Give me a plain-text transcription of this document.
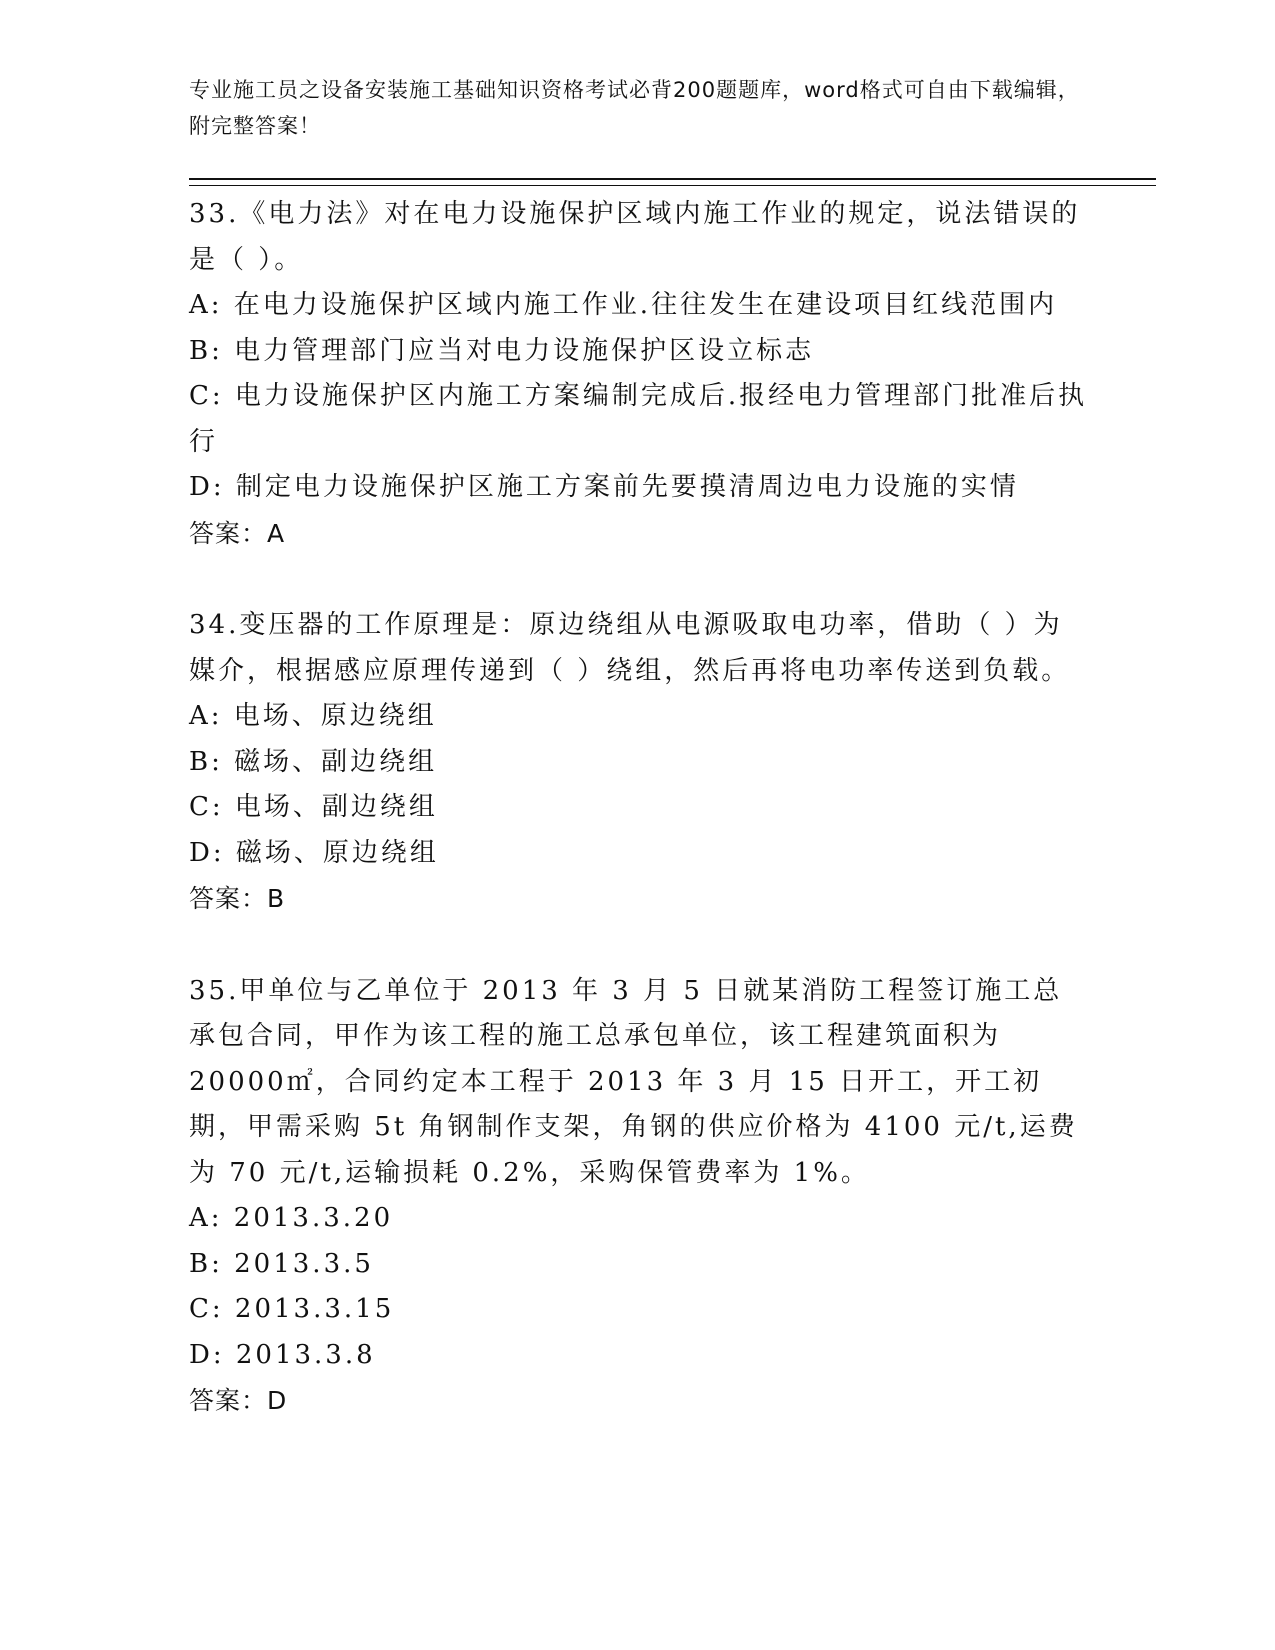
专业施工员之设备安装施工基础知识资格考试必背200题题库，word格式可自由下载编辑，附完整答案！

33.《电力法》对在电力设施保护区域内施工作业的规定，说法错误的是（ ）。

A: 在电力设施保护区域内施工作业.往往发生在建设项目红线范围内

B: 电力管理部门应当对电力设施保护区设立标志

C: 电力设施保护区内施工方案编制完成后.报经电力管理部门批准后执行

D: 制定电力设施保护区施工方案前先要摸清周边电力设施的实情

答案：A

34.变压器的工作原理是：原边绕组从电源吸取电功率，借助（ ）为媒介，根据感应原理传递到（ ）绕组，然后再将电功率传送到负载。

A: 电场、原边绕组

B: 磁场、副边绕组

C: 电场、副边绕组

D: 磁场、原边绕组

答案：B

35.甲单位与乙单位于 2013 年 3 月 5 日就某消防工程签订施工总承包合同，甲作为该工程的施工总承包单位，该工程建筑面积为 20000㎡，合同约定本工程于 2013 年 3 月 15 日开工，开工初期，甲需采购 5t 角钢制作支架，角钢的供应价格为 4100 元/t,运费为 70 元/t,运输损耗 0.2%，采购保管费率为 1%。

A: 2013.3.20

B: 2013.3.5

C: 2013.3.15

D: 2013.3.8

答案：D
